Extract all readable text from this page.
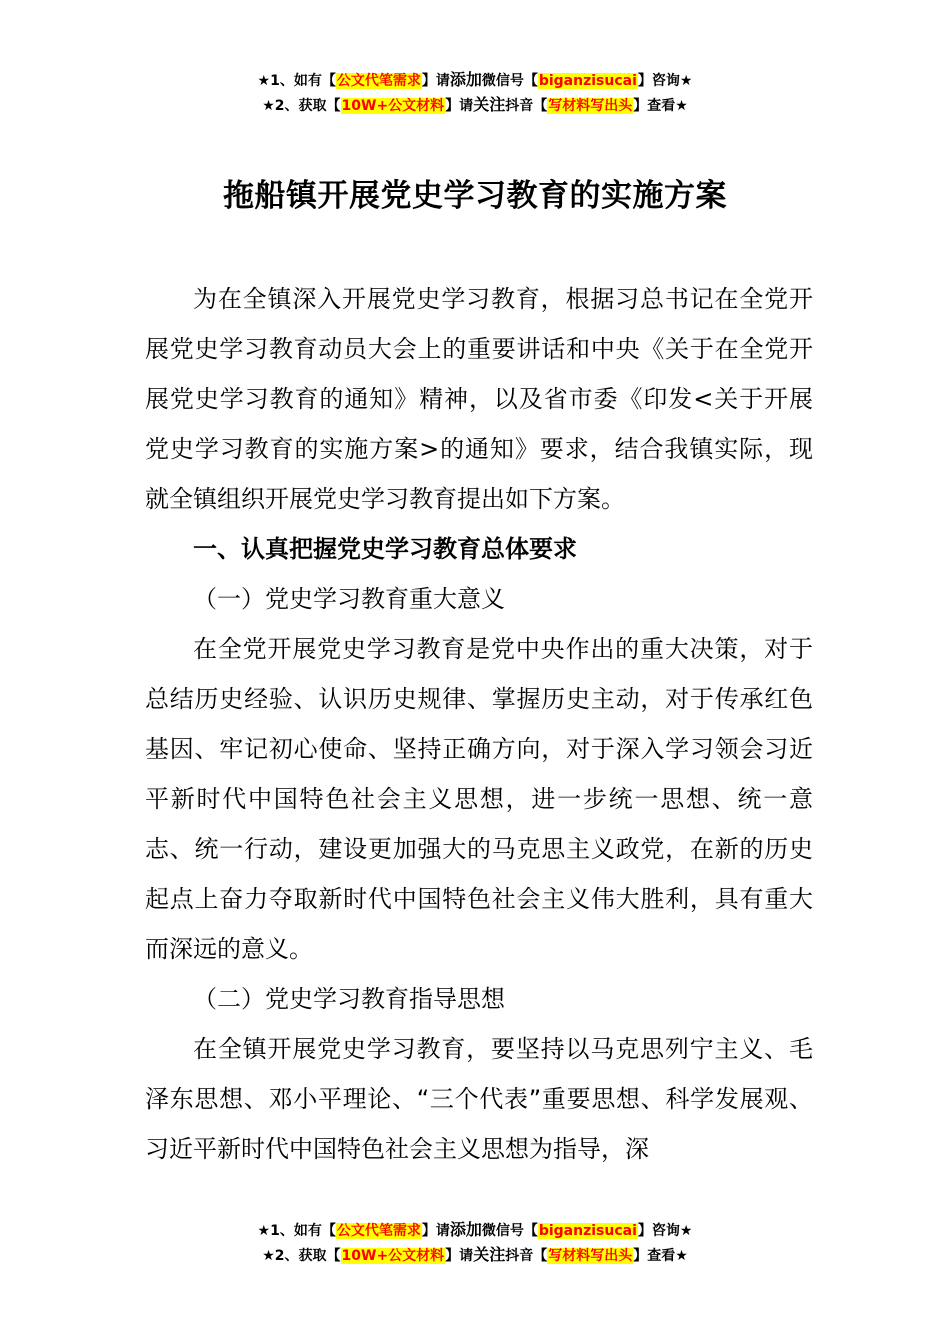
★1、如有【公文代笔需求】请添加微信号【biganzisucai】咨询★
★2、获取【10W+公文材料】请关注抖音【写材料写出头】查看★
拖船镇开展党史学习教育的实施方案

为在全镇深入开展党史学习教育，根据习总书记在全党开展党史学习教育动员大会上的重要讲话和中央《关于在全党开展党史学习教育的通知》精神，以及省市委《印发<关于开展党史学习教育的实施方案>的通知》要求，结合我镇实际，现就全镇组织开展党史学习教育提出如下方案。

一、认真把握党史学习教育总体要求

（一）党史学习教育重大意义

在全党开展党史学习教育是党中央作出的重大决策，对于总结历史经验、认识历史规律、掌握历史主动，对于传承红色基因、牢记初心使命、坚持正确方向，对于深入学习领会习近平新时代中国特色社会主义思想，进一步统一思想、统一意志、统一行动，建设更加强大的马克思主义政党，在新的历史起点上奋力夺取新时代中国特色社会主义伟大胜利，具有重大而深远的意义。

（二）党史学习教育指导思想

在全镇开展党史学习教育，要坚持以马克思列宁主义、毛泽东思想、邓小平理论、“三个代表”重要思想、科学发展观、习近平新时代中国特色社会主义思想为指导，深

★1、如有【公文代笔需求】请添加微信号【biganzisucai】咨询★
★2、获取【10W+公文材料】请关注抖音【写材料写出头】查看★
